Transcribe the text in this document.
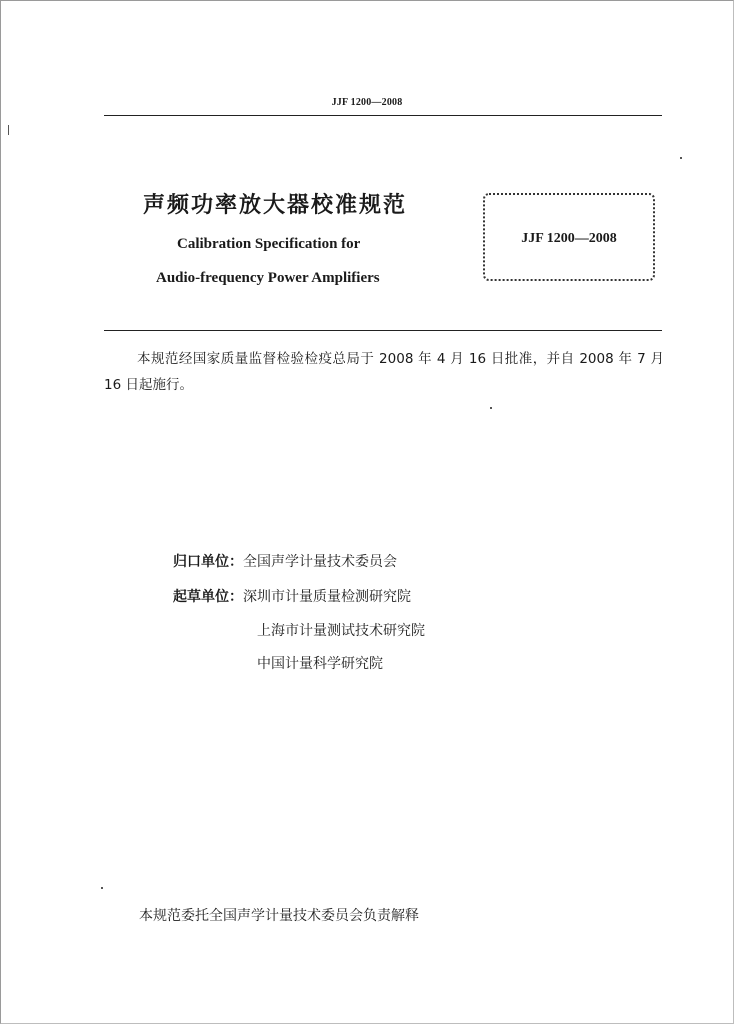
JJF 1200—2008
声频功率放大器校准规范
Calibration Specification for
Audio-frequency Power Amplifiers
JJF 1200—2008
本规范经国家质量监督检验检疫总局于 2008 年 4 月 16 日批准，并自 2008 年 7 月 16 日起施行。
归口单位：全国声学计量技术委员会
起草单位：深圳市计量质量检测研究院
上海市计量测试技术研究院
中国计量科学研究院
本规范委托全国声学计量技术委员会负责解释
